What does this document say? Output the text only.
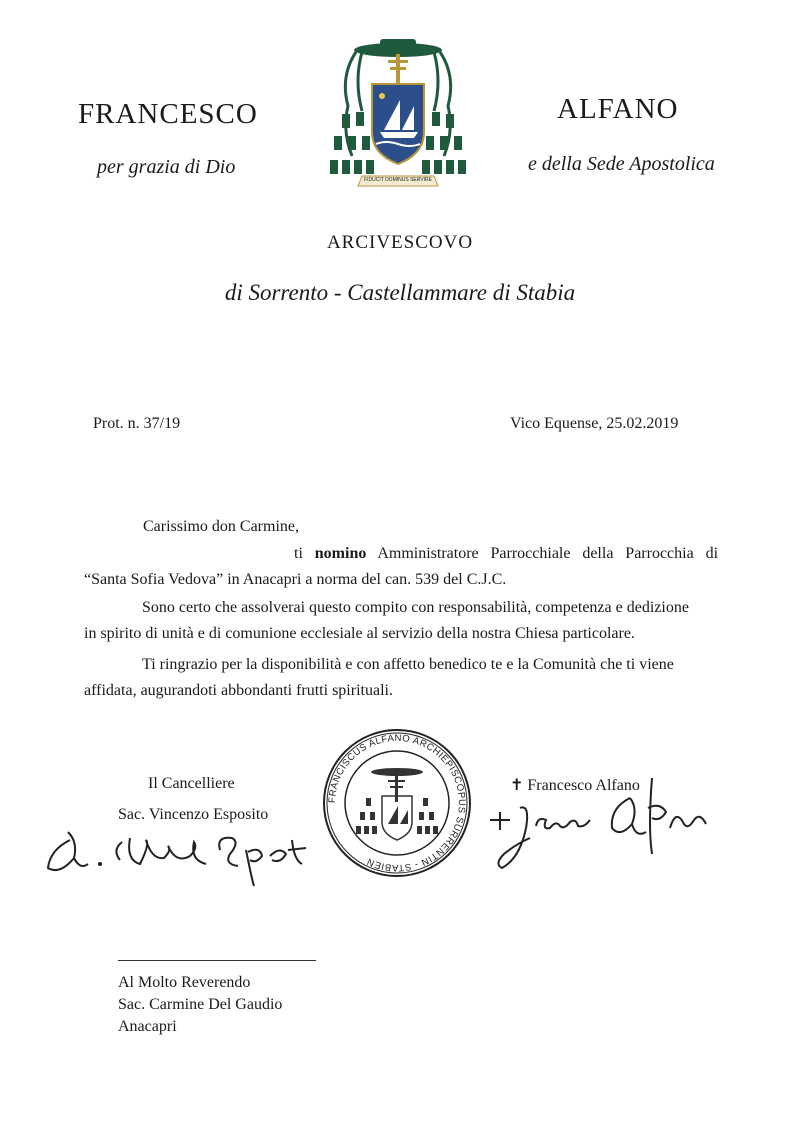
FRANCESCO	ALFANO
per grazia di Dio	e della Sede Apostolica
FIDUCIT DOMINUS SERVIRE
ARCIVESCOVO
di Sorrento - Castellammare di Stabia
Prot. n. 37/19	Vico Equense, 25.02.2019
Carissimo don Carmine,
ti nomino Amministratore Parrocchiale della Parrocchia di
“Santa Sofia Vedova” in Anacapri a norma del can. 539 del C.J.C.
Sono certo che assolverai questo compito con responsabilità, competenza e dedizione
in spirito di unità e di comunione ecclesiale al servizio della nostra Chiesa particolare.
Ti ringrazio per la disponibilità e con affetto benedico te e la Comunità che ti viene
affidata, augurandoti abbondanti frutti spirituali.
Il Cancelliere
Sac. Vincenzo Esposito
FRANCISCUS ALFANO ARCHIEPISCOPUS SURRENTIN - STABIEN
✝ Francesco Alfano
Al Molto Reverendo
Sac. Carmine Del Gaudio
Anacapri
